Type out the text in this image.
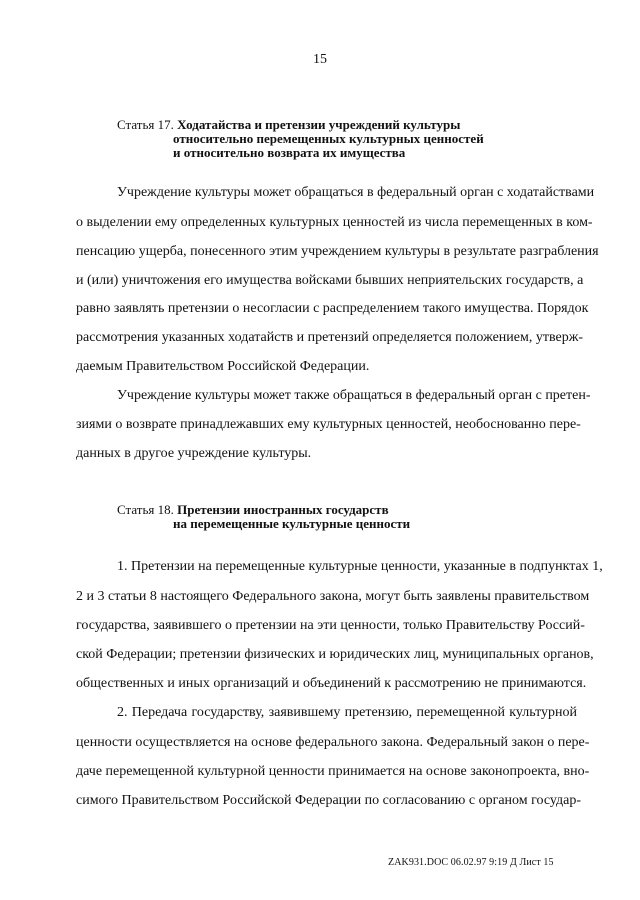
15
Статья 17. Ходатайства и претензии учреждений культуры
относительно перемещенных культурных ценностей
и относительно возврата их имущества
Учреждение культуры может обращаться в федеральный орган с ходатайствами
о выделении ему определенных культурных ценностей из числа перемещенных в ком-
пенсацию ущерба, понесенного этим учреждением культуры в результате разграбления
и (или) уничтожения его имущества войсками бывших неприятельских государств, а
равно заявлять претензии о несогласии с распределением такого имущества. Порядок
рассмотрения указанных ходатайств и претензий определяется положением, утверж-
даемым Правительством Российской Федерации.
Учреждение культуры может также обращаться в федеральный орган с претен-
зиями о возврате принадлежавших ему культурных ценностей, необоснованно пере-
данных в другое учреждение культуры.
Статья 18. Претензии иностранных государств
на перемещенные культурные ценности
1. Претензии на перемещенные культурные ценности, указанные в подпунктах 1,
2 и 3 статьи 8 настоящего Федерального закона, могут быть заявлены правительством
государства, заявившего о претензии на эти ценности, только Правительству Россий-
ской Федерации; претензии физических и юридических лиц, муниципальных органов,
общественных и иных организаций и объединений к рассмотрению не принимаются.
2. Передача государству, заявившему претензию, перемещенной культурной
ценности осуществляется на основе федерального закона. Федеральный закон о пере-
даче перемещенной культурной ценности принимается на основе законопроекта, вно-
симого Правительством Российской Федерации по согласованию с органом государ-
ZAK931.DOC 06.02.97 9:19 Д Лист 15
